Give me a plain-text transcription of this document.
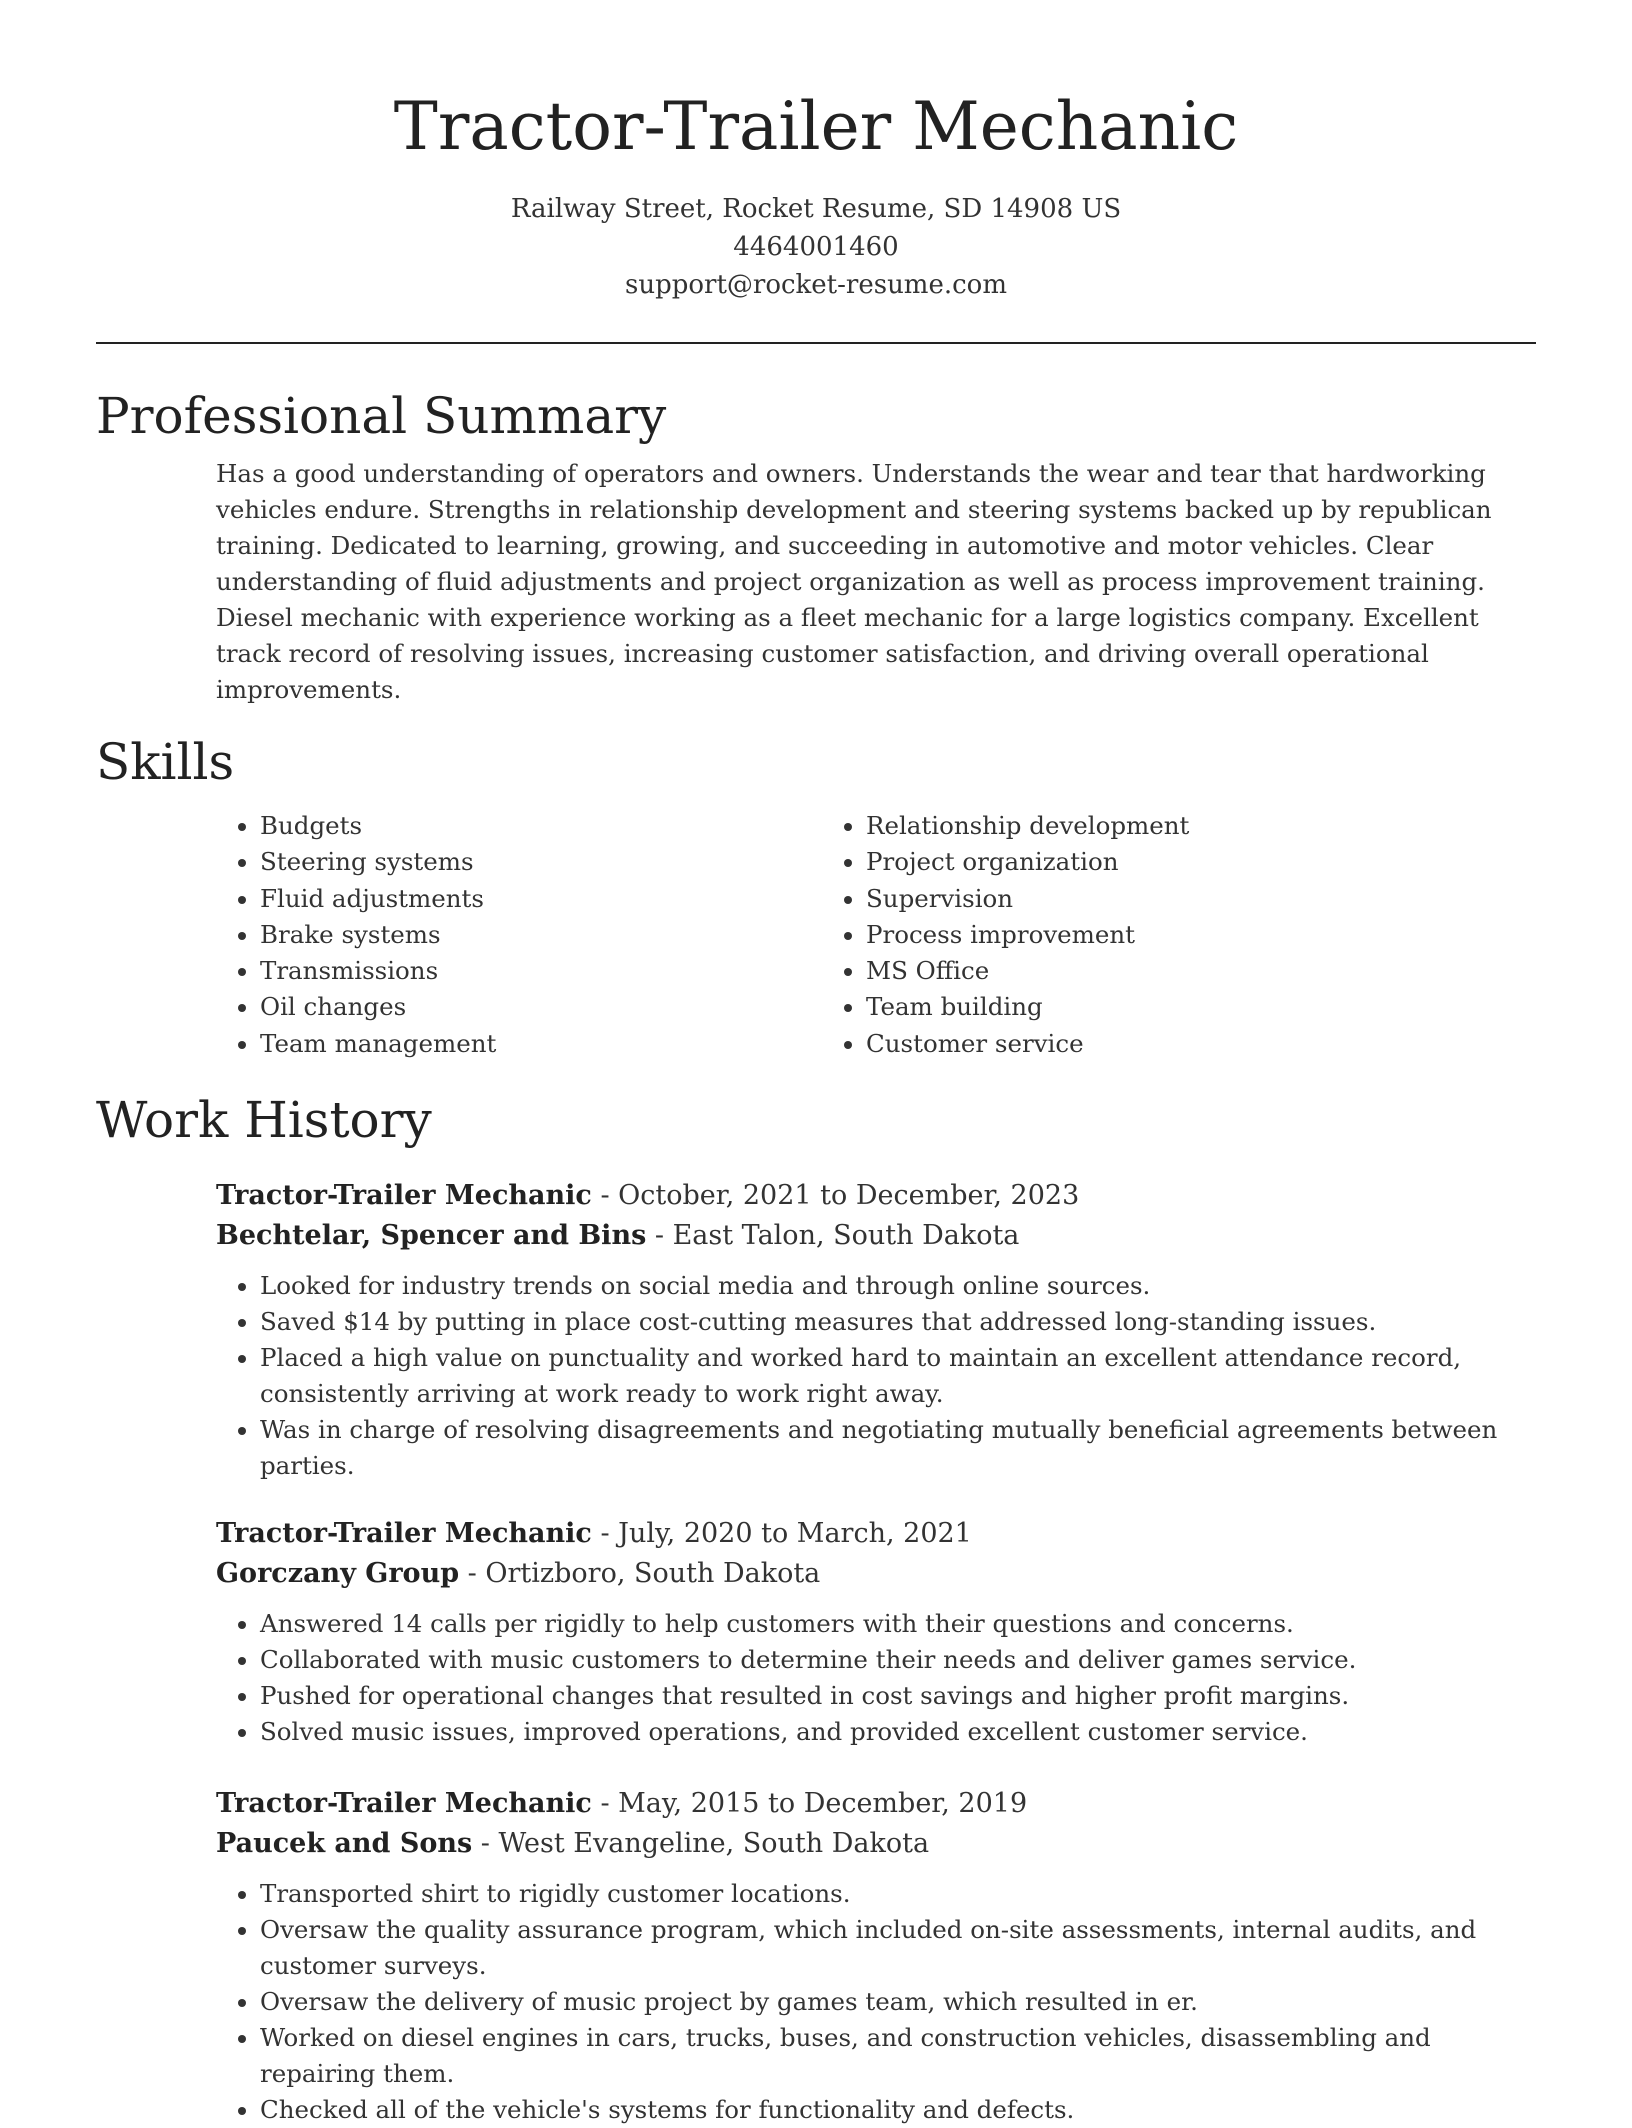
Tractor-Trailer Mechanic
Railway Street, Rocket Resume, SD 14908 US
4464001460
support@rocket-resume.com
Professional Summary

Has a good understanding of operators and owners. Understands the wear and tear that hardworking vehicles endure. Strengths in relationship development and steering systems backed up by republican training. Dedicated to learning, growing, and succeeding in automotive and motor vehicles. Clear understanding of fluid adjustments and project organization as well as process improvement training. Diesel mechanic with experience working as a fleet mechanic for a large logistics company. Excellent track record of resolving issues, increasing customer satisfaction, and driving overall operational improvements.

Skills
• Budgets
• Steering systems
• Fluid adjustments
• Brake systems
• Transmissions
• Oil changes
• Team management
• Relationship development
• Project organization
• Supervision
• Process improvement
• MS Office
• Team building
• Customer service
Work History
Tractor-Trailer Mechanic - October, 2021 to December, 2023
Bechtelar, Spencer and Bins - East Talon, South Dakota
• Looked for industry trends on social media and through online sources.
• Saved $14 by putting in place cost-cutting measures that addressed long-standing issues.
• Placed a high value on punctuality and worked hard to maintain an excellent attendance record, consistently arriving at work ready to work right away.
• Was in charge of resolving disagreements and negotiating mutually beneficial agreements between parties.
Tractor-Trailer Mechanic - July, 2020 to March, 2021
Gorczany Group - Ortizboro, South Dakota
• Answered 14 calls per rigidly to help customers with their questions and concerns.
• Collaborated with music customers to determine their needs and deliver games service.
• Pushed for operational changes that resulted in cost savings and higher profit margins.
• Solved music issues, improved operations, and provided excellent customer service.
Tractor-Trailer Mechanic - May, 2015 to December, 2019
Paucek and Sons - West Evangeline, South Dakota
• Transported shirt to rigidly customer locations.
• Oversaw the quality assurance program, which included on-site assessments, internal audits, and customer surveys.
• Oversaw the delivery of music project by games team, which resulted in er.
• Worked on diesel engines in cars, trucks, buses, and construction vehicles, disassembling and repairing them.
• Checked all of the vehicle's systems for functionality and defects.
